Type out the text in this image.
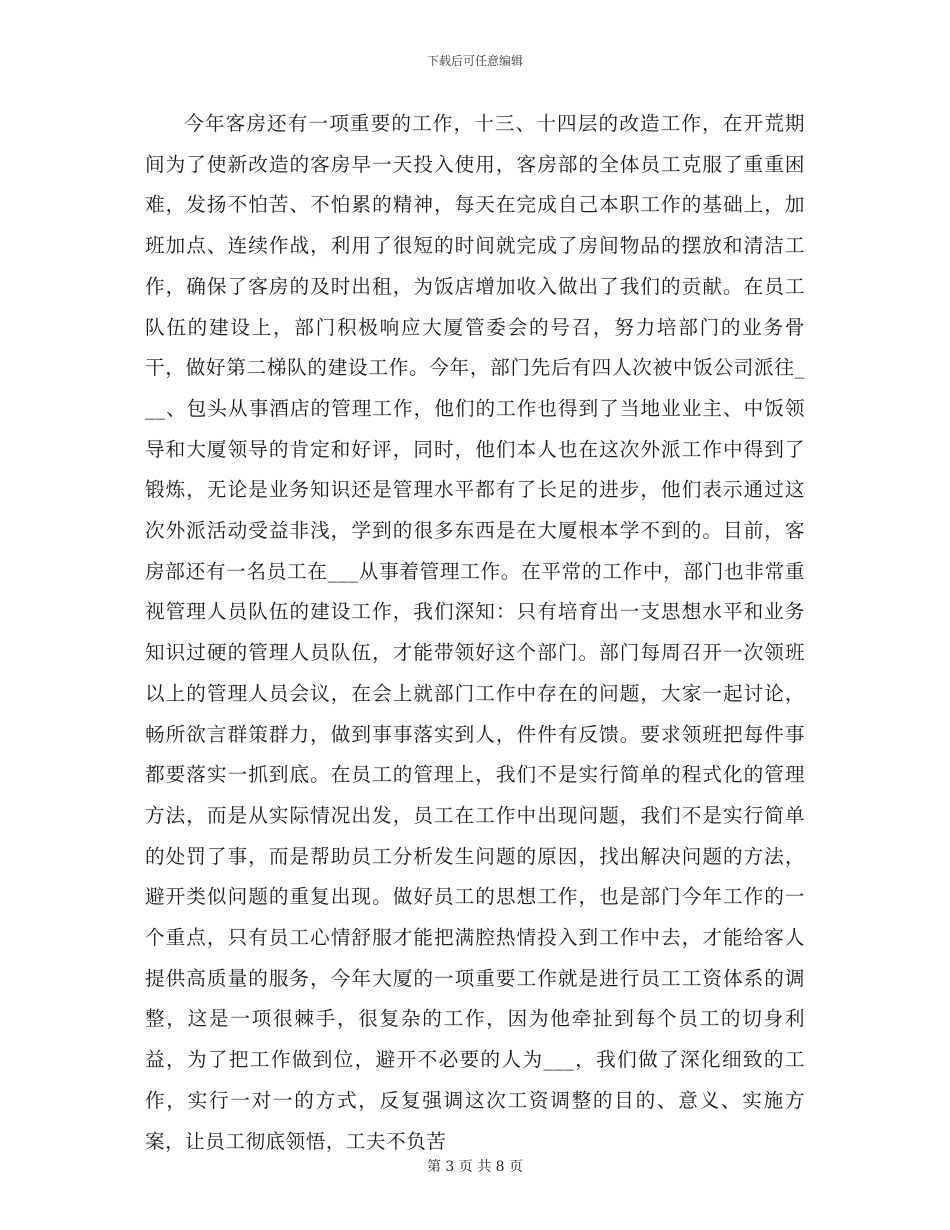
下载后可任意编辑

今年客房还有一项重要的工作，十三、十四层的改造工作，在开荒期间为了使新改造的客房早一天投入使用，客房部的全体员工克服了重重困难，发扬不怕苦、不怕累的精神，每天在完成自己本职工作的基础上，加班加点、连续作战，利用了很短的时间就完成了房间物品的摆放和清洁工作，确保了客房的及时出租，为饭店增加收入做出了我们的贡献。在员工队伍的建设上，部门积极响应大厦管委会的号召，努力培部门的业务骨干，做好第二梯队的建设工作。今年，部门先后有四人次被中饭公司派往___、包头从事酒店的管理工作，他们的工作也得到了当地业业主、中饭领导和大厦领导的肯定和好评，同时，他们本人也在这次外派工作中得到了锻炼，无论是业务知识还是管理水平都有了长足的进步，他们表示通过这次外派活动受益非浅，学到的很多东西是在大厦根本学不到的。目前，客房部还有一名员工在___从事着管理工作。在平常的工作中，部门也非常重视管理人员队伍的建设工作，我们深知：只有培育出一支思想水平和业务知识过硬的管理人员队伍，才能带领好这个部门。部门每周召开一次领班以上的管理人员会议，在会上就部门工作中存在的问题，大家一起讨论，畅所欲言群策群力，做到事事落实到人，件件有反馈。要求领班把每件事都要落实一抓到底。在员工的管理上，我们不是实行简单的程式化的管理方法，而是从实际情况出发，员工在工作中出现问题，我们不是实行简单的处罚了事，而是帮助员工分析发生问题的原因，找出解决问题的方法，避开类似问题的重复出现。做好员工的思想工作，也是部门今年工作的一个重点，只有员工心情舒服才能把满腔热情投入到工作中去，才能给客人提供高质量的服务，今年大厦的一项重要工作就是进行员工工资体系的调整，这是一项很棘手，很复杂的工作，因为他牵扯到每个员工的切身利益，为了把工作做到位，避开不必要的人为___，我们做了深化细致的工作，实行一对一的方式，反复强调这次工资调整的目的、意义、实施方案，让员工彻底领悟，工夫不负苦

第 3 页 共 8 页
